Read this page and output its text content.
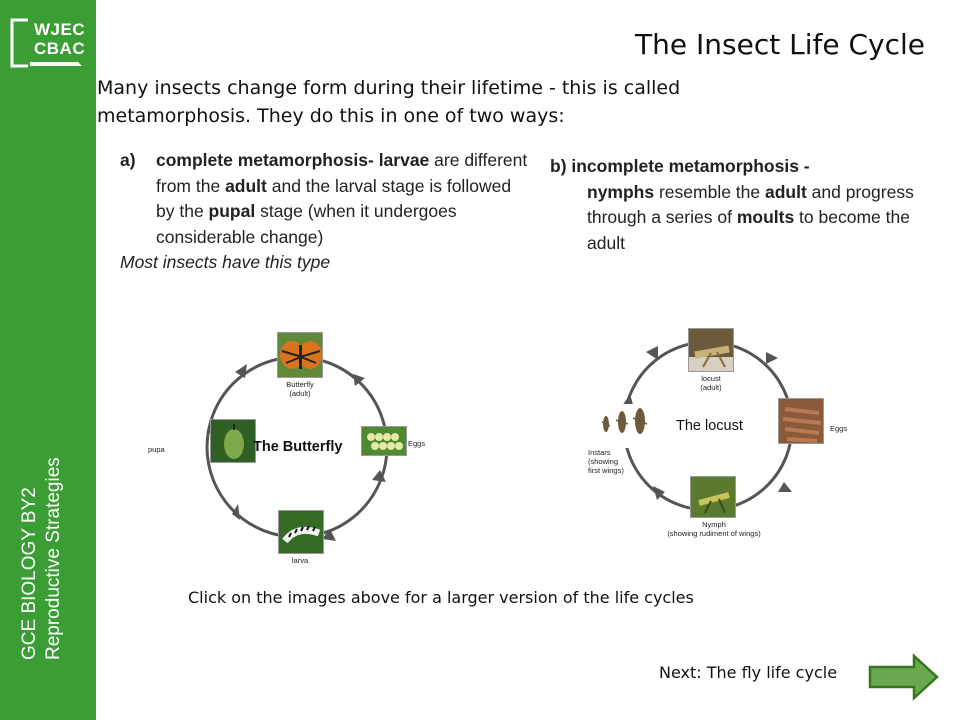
WJEC
CBAC
GCE BIOLOGY BY2 Reproductive Strategies
The Insect Life Cycle
Many insects change form during their lifetime - this is called metamorphosis. They do this in one of two ways:
a) complete metamorphosis- larvae are different from the adult and the larval stage is followed by the pupal stage (when it undergoes considerable change)
Most insects have this type
b) incomplete metamorphosis -
nymphs resemble the adult and progress through a series of moults to become the adult
Butterfly
(adult)
Eggs
larva
pupa	The Butterfly
locust
(adult)
Eggs
Nymph
(showing rudiment of wings)
Instars
(showing
first wings)
The locust
Click on the images above for a larger version of the life cycles
Next: The fly life cycle
